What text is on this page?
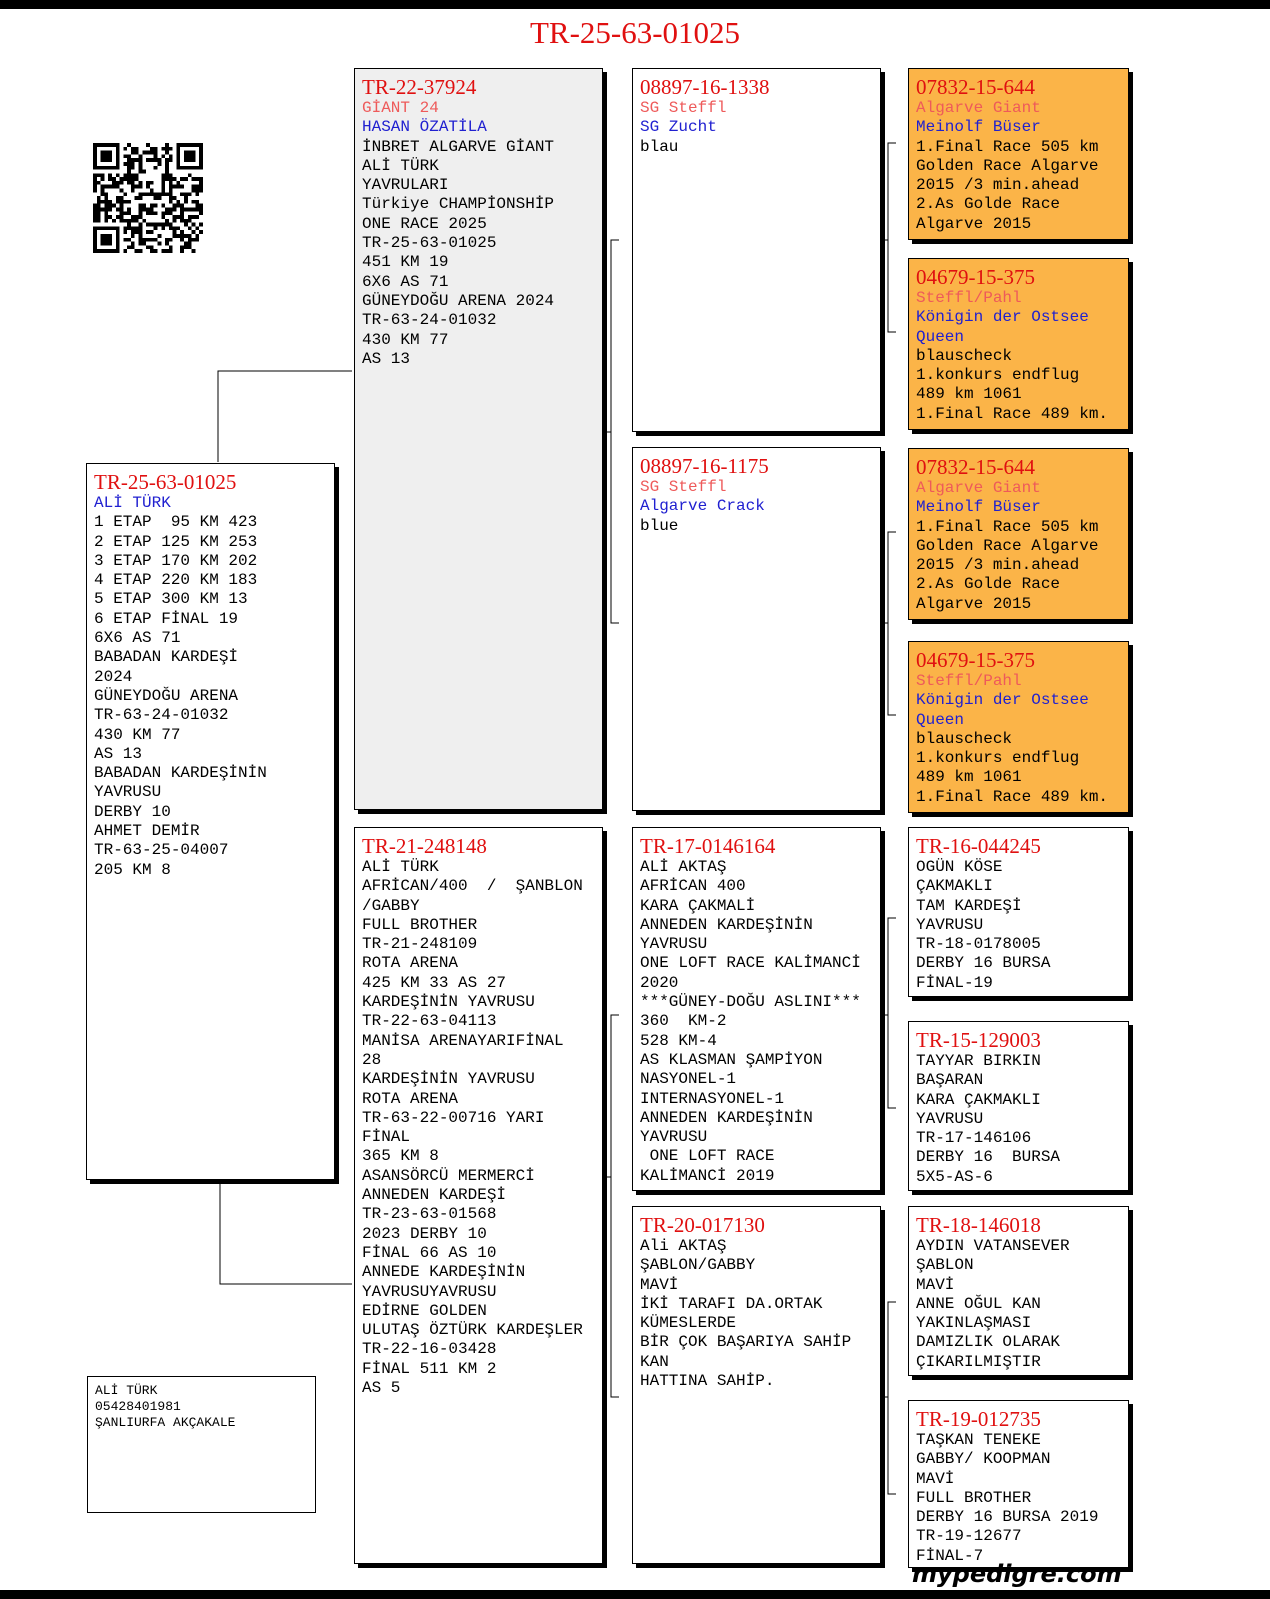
TR-25-63-01025
TR-25-63-01025
ALİ TÜRK
1 ETAP  95 KM 423
2 ETAP 125 KM 253
3 ETAP 170 KM 202
4 ETAP 220 KM 183
5 ETAP 300 KM 13
6 ETAP FİNAL 19
6X6 AS 71
BABADAN KARDEŞİ
2024
GÜNEYDOĞU ARENA
TR-63-24-01032
430 KM 77
AS 13
BABADAN KARDEŞİNİN
YAVRUSU
DERBY 10
AHMET DEMİR
TR-63-25-04007
205 KM 8
TR-22-37924
GİANT 24
HASAN ÖZATİLA
İNBRET ALGARVE GİANT
ALİ TÜRK
YAVRULARI
Türkiye CHAMPİONSHİP
ONE RACE 2025
TR-25-63-01025
451 KM 19
6X6 AS 71
GÜNEYDOĞU ARENA 2024
TR-63-24-01032
430 KM 77
AS 13
TR-21-248148
ALİ TÜRK
AFRİCAN/400  /  ŞANBLON
/GABBY
FULL BROTHER
TR-21-248109
ROTA ARENA
425 KM 33 AS 27
KARDEŞİNİN YAVRUSU
TR-22-63-04113
MANİSA ARENAYARIFİNAL
28
KARDEŞİNİN YAVRUSU
ROTA ARENA
TR-63-22-00716 YARI
FİNAL
365 KM 8
ASANSÖRCÜ MERMERCİ
ANNEDEN KARDEŞİ
TR-23-63-01568
2023 DERBY 10
FİNAL 66 AS 10
ANNEDE KARDEŞİNİN
YAVRUSUYAVRUSU
EDİRNE GOLDEN
ULUTAŞ ÖZTÜRK KARDEŞLER
TR-22-16-03428
FİNAL 511 KM 2
AS 5
08897-16-1338
SG Steffl
SG Zucht
blau
08897-16-1175
SG Steffl
Algarve Crack
blue
TR-17-0146164
ALİ AKTAŞ
AFRİCAN 400
KARA ÇAKMALİ
ANNEDEN KARDEŞİNİN
YAVRUSU
ONE LOFT RACE KALİMANCİ
2020
***GÜNEY-DOĞU ASLINI***
360  KM-2
528 KM-4
AS KLASMAN ŞAMPİYON
NASYONEL-1
INTERNASYONEL-1
ANNEDEN KARDEŞİNİN
YAVRUSU
ONE LOFT RACE
KALİMANCİ 2019
TR-20-017130
Ali AKTAŞ
ŞABLON/GABBY
MAVİ
İKİ TARAFI DA.ORTAK
KÜMESLERDE
BİR ÇOK BAŞARIYA SAHİP
KAN
HATTINA SAHİP.
07832-15-644
Algarve Giant
Meinolf Büser
1.Final Race 505 km
Golden Race Algarve
2015 /3 min.ahead
2.As Golde Race
Algarve 2015
04679-15-375
Steffl/Pahl
Königin der Ostsee
Queen
blauscheck
1.konkurs endflug
489 km 1061
1.Final Race 489 km.
07832-15-644
Algarve Giant
Meinolf Büser
1.Final Race 505 km
Golden Race Algarve
2015 /3 min.ahead
2.As Golde Race
Algarve 2015
04679-15-375
Steffl/Pahl
Königin der Ostsee
Queen
blauscheck
1.konkurs endflug
489 km 1061
1.Final Race 489 km.
TR-16-044245
OGÜN KÖSE
ÇAKMAKLI
TAM KARDEŞİ
YAVRUSU
TR-18-0178005
DERBY 16 BURSA
FİNAL-19
TR-15-129003
TAYYAR BIRKIN
BAŞARAN
KARA ÇAKMAKLI
YAVRUSU
TR-17-146106
DERBY 16  BURSA
5X5-AS-6
TR-18-146018
AYDIN VATANSEVER
ŞABLON
MAVİ
ANNE OĞUL KAN
YAKINLAŞMASI
DAMIZLIK OLARAK
ÇIKARILMIŞTIR
TR-19-012735
TAŞKAN TENEKE
GABBY/ KOOPMAN
MAVİ
FULL BROTHER
DERBY 16 BURSA 2019
TR-19-12677
FİNAL-7
ALİ TÜRK
05428401981
ŞANLIURFA AKÇAKALE
mypedigre.com
